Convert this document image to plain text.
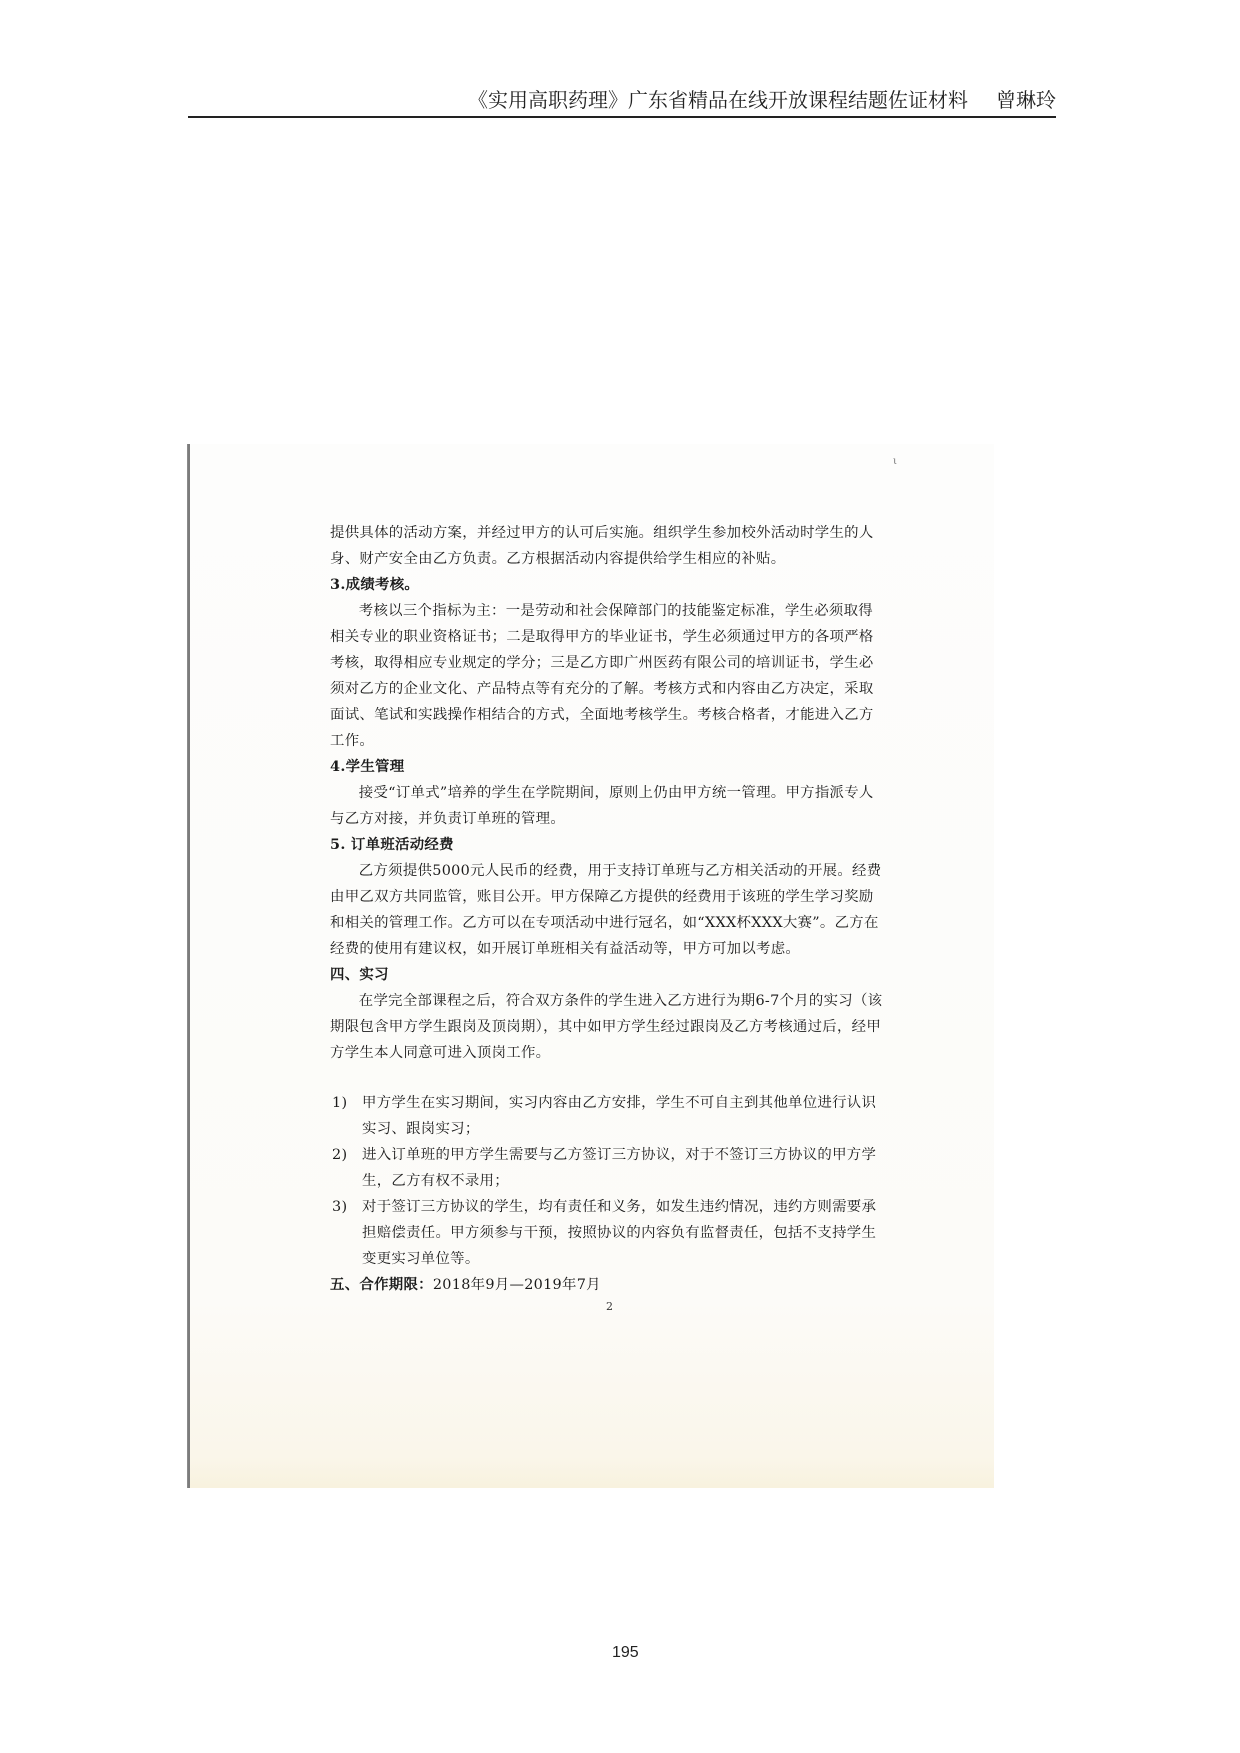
《实用高职药理》广东省精品在线开放课程结题佐证材料 曾琳玲
ι

提供具体的活动方案，并经过甲方的认可后实施。组织学生参加校外活动时学生的人身、财产安全由乙方负责。乙方根据活动内容提供给学生相应的补贴。

3.成绩考核。

考核以三个指标为主：一是劳动和社会保障部门的技能鉴定标准，学生必须取得相关专业的职业资格证书；二是取得甲方的毕业证书，学生必须通过甲方的各项严格考核，取得相应专业规定的学分；三是乙方即广州医药有限公司的培训证书，学生必须对乙方的企业文化、产品特点等有充分的了解。考核方式和内容由乙方决定，采取面试、笔试和实践操作相结合的方式，全面地考核学生。考核合格者，才能进入乙方工作。

4.学生管理

接受“订单式”培养的学生在学院期间，原则上仍由甲方统一管理。甲方指派专人与乙方对接，并负责订单班的管理。

5. 订单班活动经费

乙方须提供5000元人民币的经费，用于支持订单班与乙方相关活动的开展。经费由甲乙双方共同监管，账目公开。甲方保障乙方提供的经费用于该班的学生学习奖励和相关的管理工作。乙方可以在专项活动中进行冠名，如“XXX杯XXX大赛”。乙方在经费的使用有建议权，如开展订单班相关有益活动等，甲方可加以考虑。

四、实习

在学完全部课程之后，符合双方条件的学生进入乙方进行为期6-7个月的实习（该期限包含甲方学生跟岗及顶岗期），其中如甲方学生经过跟岗及乙方考核通过后，经甲方学生本人同意可进入顶岗工作。

1)	甲方学生在实习期间，实习内容由乙方安排，学生不可自主到其他单位进行认识实习、跟岗实习；
2)	进入订单班的甲方学生需要与乙方签订三方协议，对于不签订三方协议的甲方学生，乙方有权不录用；
3)	对于签订三方协议的学生，均有责任和义务，如发生违约情况，违约方则需要承担赔偿责任。甲方须参与干预，按照协议的内容负有监督责任，包括不支持学生变更实习单位等。

五、合作期限：2018年9月—2019年7月

2
195
